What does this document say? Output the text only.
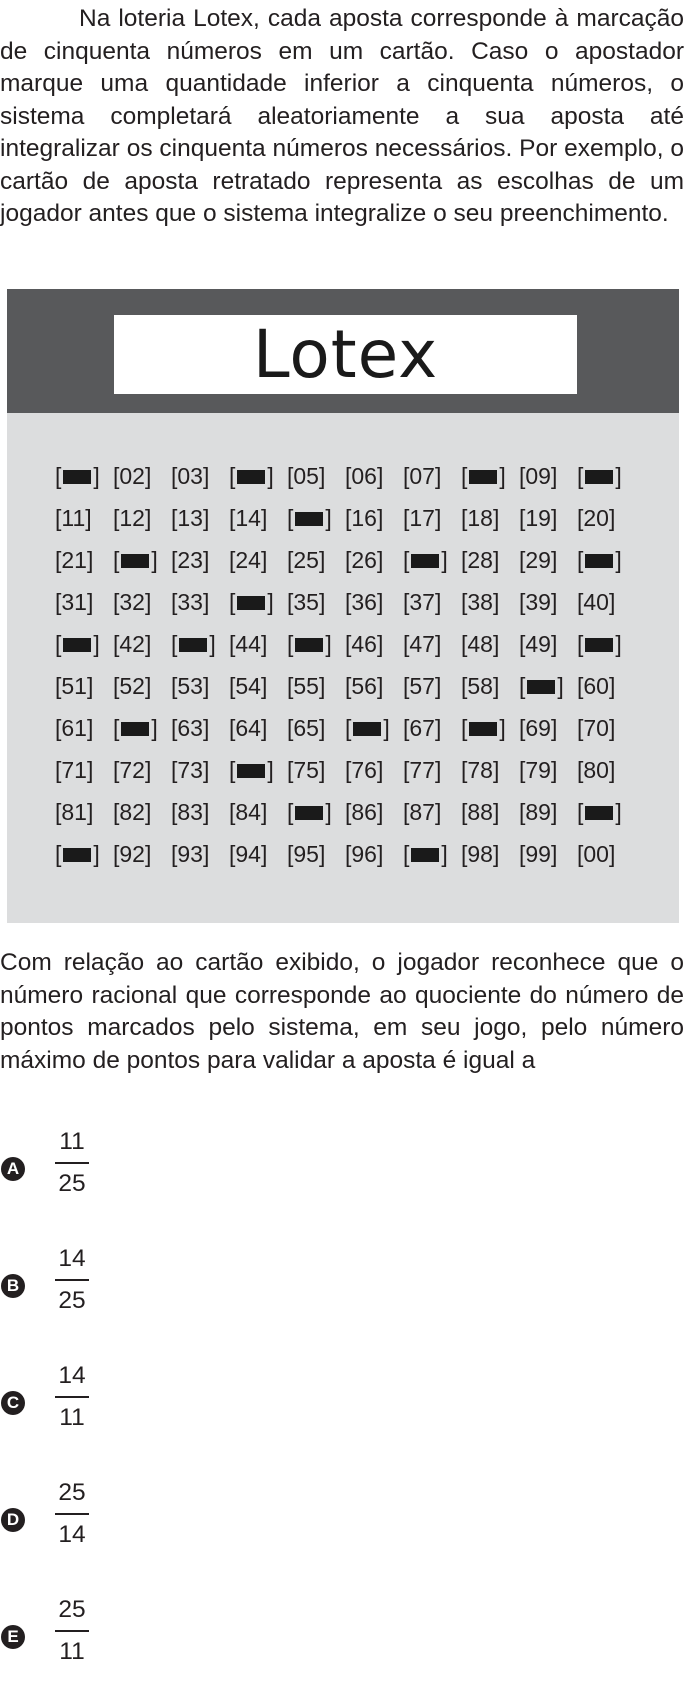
Na loteria Lotex, cada aposta corresponde à marcação de cinquenta números em um cartão. Caso o apostador marque uma quantidade inferior a cinquenta números, o sistema completará aleatoriamente a sua aposta até integralizar os cinquenta números necessários. Por exemplo, o cartão de aposta retratado representa as escolhas de um jogador antes que o sistema integralize o seu preenchimento.

Lotex
[ ] [ 02 ] [ 03 ] [ ] [ 05 ] [ 06 ] [ 07 ] [ ] [ 09 ] [ ]
[ 11 ] [ 12 ] [ 13 ] [ 14 ] [ ] [ 16 ] [ 17 ] [ 18 ] [ 19 ] [ 20 ]
[ 21 ] [ ] [ 23 ] [ 24 ] [ 25 ] [ 26 ] [ ] [ 28 ] [ 29 ] [ ]
[ 31 ] [ 32 ] [ 33 ] [ ] [ 35 ] [ 36 ] [ 37 ] [ 38 ] [ 39 ] [ 40 ]
[ ] [ 42 ] [ ] [ 44 ] [ ] [ 46 ] [ 47 ] [ 48 ] [ 49 ] [ ]
[ 51 ] [ 52 ] [ 53 ] [ 54 ] [ 55 ] [ 56 ] [ 57 ] [ 58 ] [ ] [ 60 ]
[ 61 ] [ ] [ 63 ] [ 64 ] [ 65 ] [ ] [ 67 ] [ ] [ 69 ] [ 70 ]
[ 71 ] [ 72 ] [ 73 ] [ ] [ 75 ] [ 76 ] [ 77 ] [ 78 ] [ 79 ] [ 80 ]
[ 81 ] [ 82 ] [ 83 ] [ 84 ] [ ] [ 86 ] [ 87 ] [ 88 ] [ 89 ] [ ]
[ ] [ 92 ] [ 93 ] [ 94 ] [ 95 ] [ 96 ] [ ] [ 98 ] [ 99 ] [ 00 ]

Com relação ao cartão exibido, o jogador reconhece que o número racional que corresponde ao quociente do número de pontos marcados pelo sistema, em seu jogo, pelo número máximo de pontos para validar a aposta é igual a

A
11
25
B
14
25
C
14
11
D
25
14
E
25
11
